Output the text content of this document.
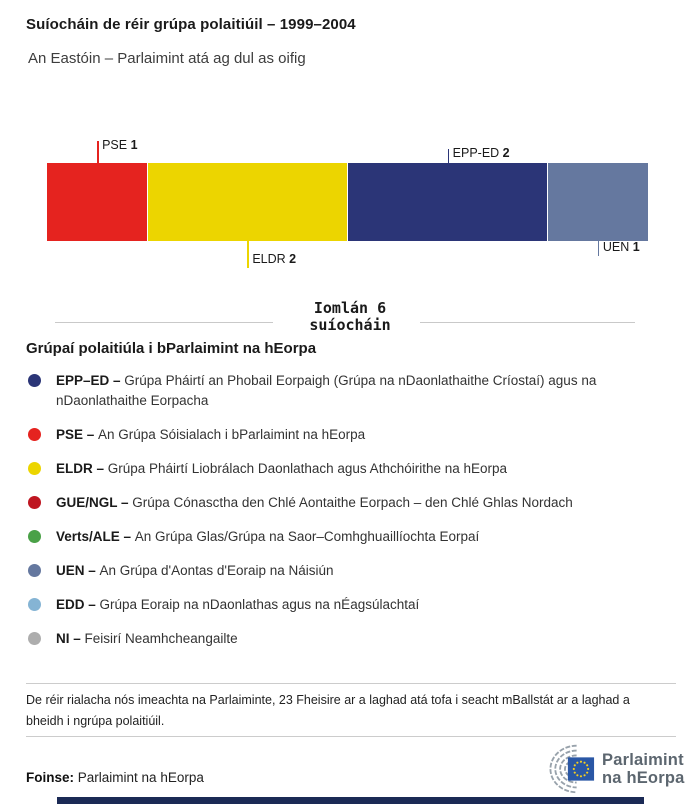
Suíocháin de réir grúpa polaitiúil – 1999–2004
An Eastóin – Parlaimint atá ag dul as oifig
PSE 1
ELDR 2
EPP-ED 2
UEN 1
Iomlán 6
suíocháin
Grúpaí polaitiúla i bParlaimint na hEorpa
EPP–ED – Grúpa Pháirtí an Phobail Eorpaigh (Grúpa na nDaonlathaithe Críostaí) agus na nDaonlathaithe Eorpacha
PSE – An Grúpa Sóisialach i bParlaimint na hEorpa
ELDR – Grúpa Pháirtí Liobrálach Daonlathach agus Athchóirithe na hEorpa
GUE/NGL – Grúpa Cónasctha den Chlé Aontaithe Eorpach – den Chlé Ghlas Nordach
Verts/ALE – An Grúpa Glas/Grúpa na Saor–Comhghuaillíochta Eorpaí
UEN – An Grúpa d'Aontas d'Eoraip na Náisiún
EDD – Grúpa Eoraip na nDaonlathas agus na nÉagsúlachtaí
NI – Feisirí Neamhcheangailte
De réir rialacha nós imeachta na Parlaiminte, 23 Fheisire ar a laghad atá tofa i seacht mBallstát ar a laghad a bheidh i ngrúpa polaitiúil.
Foinse: Parlaimint na hEorpa
Parlaimint
na hEorpa
